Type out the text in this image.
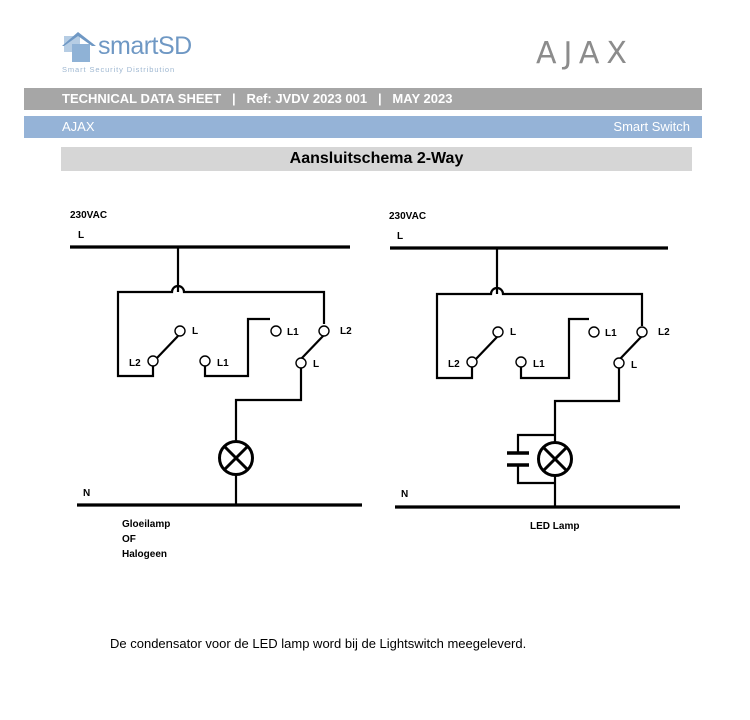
smartSD
Smart Security Distribution	AJAX
TECHNICAL DATA SHEET   |   Ref: JVDV 2023 001   |   MAY 2023
AJAX	Smart Switch
Aansluitschema 2-Way
230VAC
L
N
L
L2	L1
L1	L2
L
Gloeilamp
OF
Halogeen
230VAC
L
N
L
L2	L1
L1	L2
L
LED Lamp
De condensator voor de LED lamp word bij de Lightswitch meegeleverd.
